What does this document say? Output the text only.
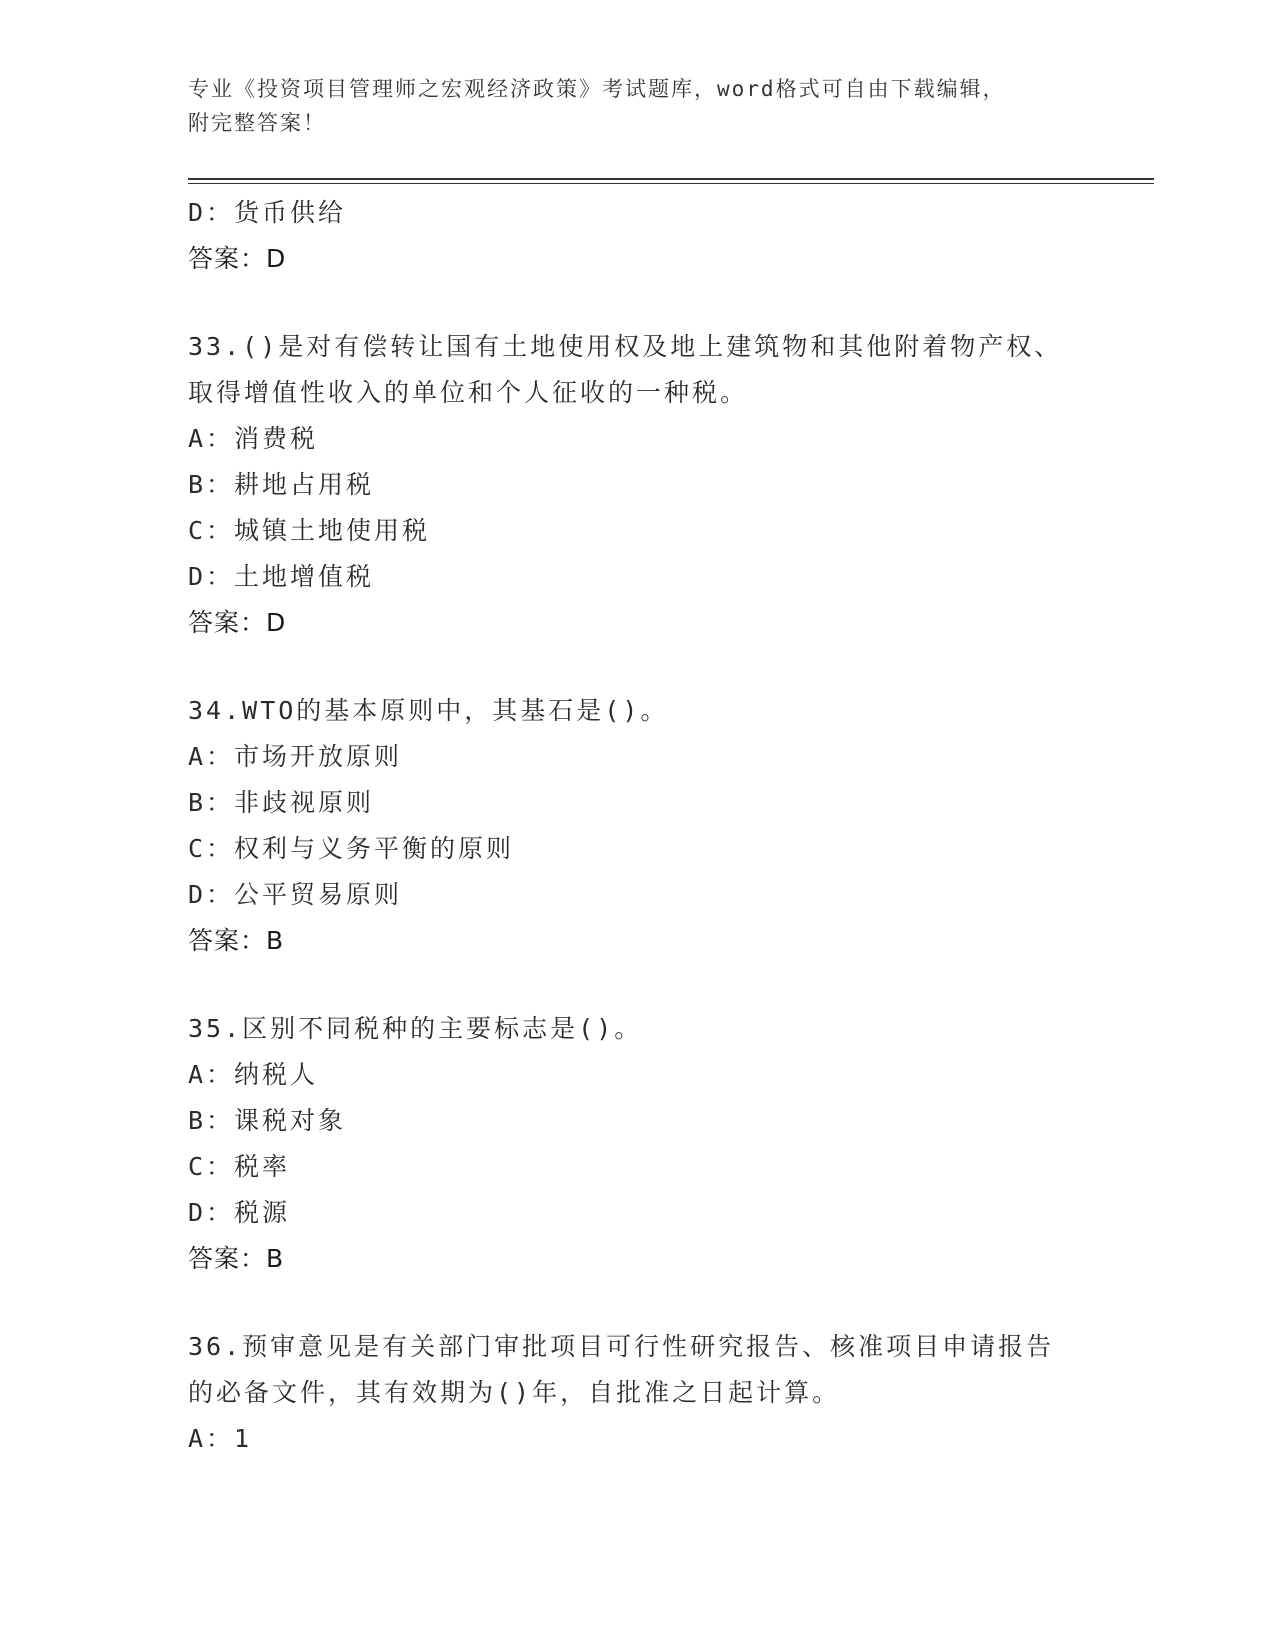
专业《投资项目管理师之宏观经济政策》考试题库，word格式可自由下载编辑，
附完整答案！
D：货币供给
答案：D
33.()是对有偿转让国有土地使用权及地上建筑物和其他附着物产权、
取得增值性收入的单位和个人征收的一种税。
A：消费税
B：耕地占用税
C：城镇土地使用税
D：土地增值税
答案：D
34.WTO的基本原则中，其基石是()。
A：市场开放原则
B：非歧视原则
C：权利与义务平衡的原则
D：公平贸易原则
答案：B
35.区别不同税种的主要标志是()。
A：纳税人
B：课税对象
C：税率
D：税源
答案：B
36.预审意见是有关部门审批项目可行性研究报告、核准项目申请报告
的必备文件，其有效期为()年，自批准之日起计算。
A：1
